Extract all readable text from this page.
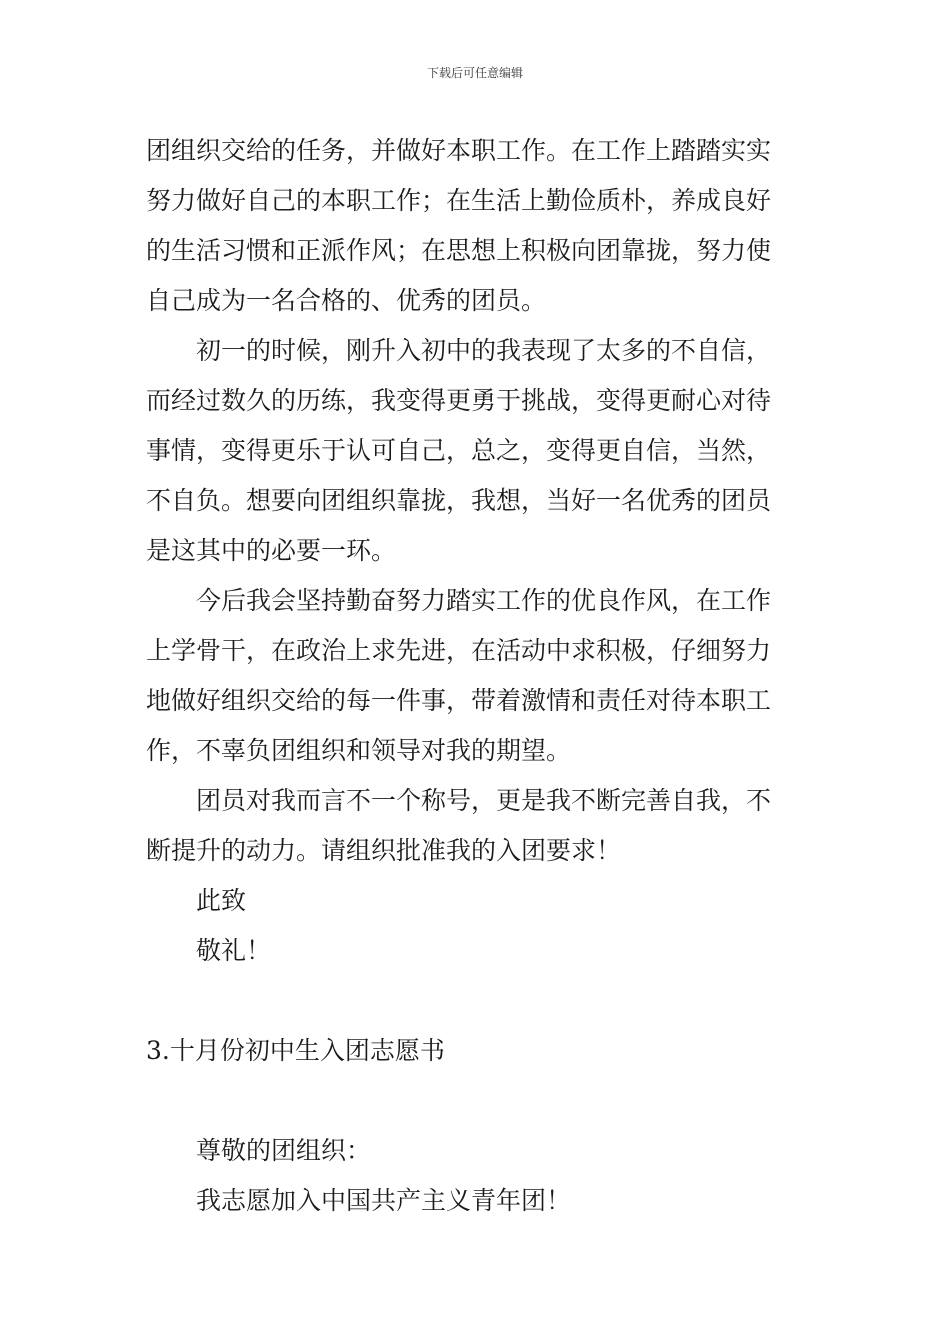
下载后可任意编辑
团组织交给的任务，并做好本职工作。在工作上踏踏实实
努力做好自己的本职工作；在生活上勤俭质朴，养成良好
的生活习惯和正派作风；在思想上积极向团靠拢，努力使
自己成为一名合格的、优秀的团员。
初一的时候，刚升入初中的我表现了太多的不自信，
而经过数久的历练，我变得更勇于挑战，变得更耐心对待
事情，变得更乐于认可自己，总之，变得更自信，当然，
不自负。想要向团组织靠拢，我想，当好一名优秀的团员
是这其中的必要一环。
今后我会坚持勤奋努力踏实工作的优良作风，在工作
上学骨干，在政治上求先进，在活动中求积极，仔细努力
地做好组织交给的每一件事，带着激情和责任对待本职工
作，不辜负团组织和领导对我的期望。
团员对我而言不一个称号，更是我不断完善自我，不
断提升的动力。请组织批准我的入团要求！
此致
敬礼！
3.十月份初中生入团志愿书
尊敬的团组织：
我志愿加入中国共产主义青年团！
